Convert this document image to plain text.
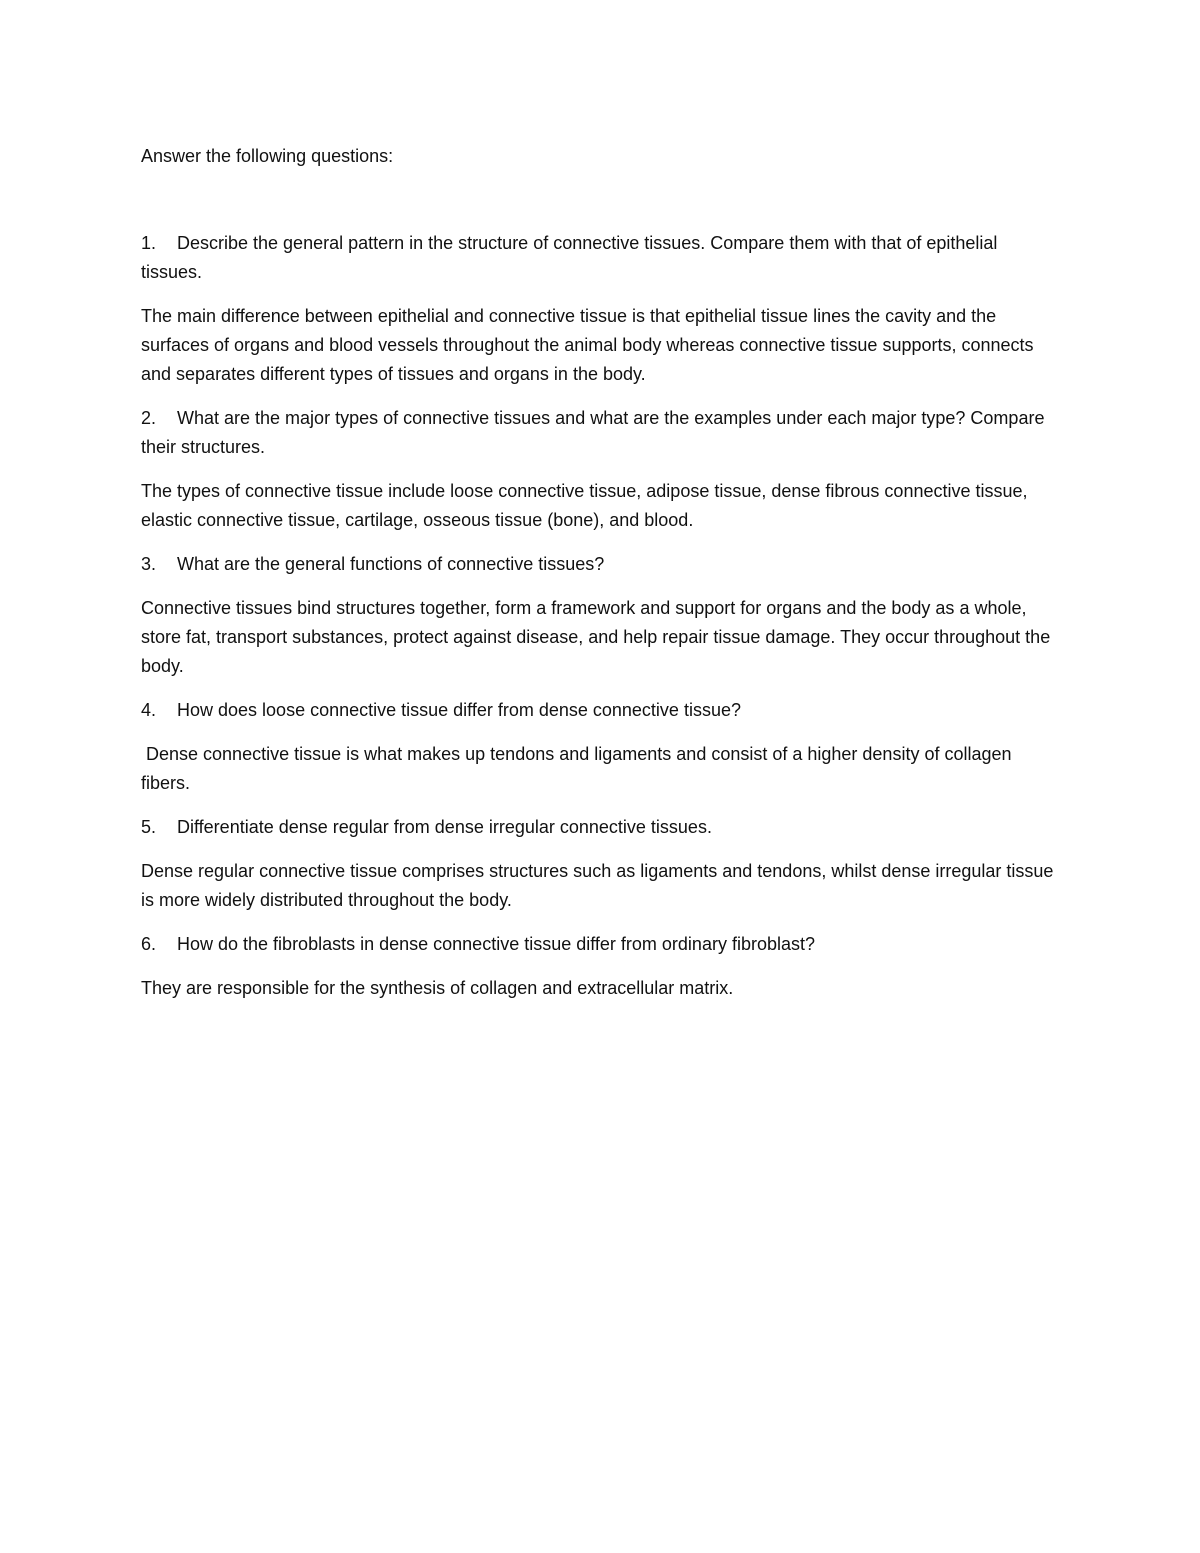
Answer the following questions:

1. Describe the general pattern in the structure of connective tissues. Compare them with that of epithelial tissues.

The main difference between epithelial and connective tissue is that epithelial tissue lines the cavity and the surfaces of organs and blood vessels throughout the animal body whereas connective tissue supports, connects and separates different types of tissues and organs in the body.

2. What are the major types of connective tissues and what are the examples under each major type? Compare their structures.

The types of connective tissue include loose connective tissue, adipose tissue, dense fibrous connective tissue, elastic connective tissue, cartilage, osseous tissue (bone), and blood.

3. What are the general functions of connective tissues?

Connective tissues bind structures together, form a framework and support for organs and the body as a whole, store fat, transport substances, protect against disease, and help repair tissue damage. They occur throughout the body.

4. How does loose connective tissue differ from dense connective tissue?

Dense connective tissue is what makes up tendons and ligaments and consist of a higher density of collagen fibers.

5. Differentiate dense regular from dense irregular connective tissues.

Dense regular connective tissue comprises structures such as ligaments and tendons, whilst dense irregular tissue is more widely distributed throughout the body.

6. How do the fibroblasts in dense connective tissue differ from ordinary fibroblast?

They are responsible for the synthesis of collagen and extracellular matrix.
